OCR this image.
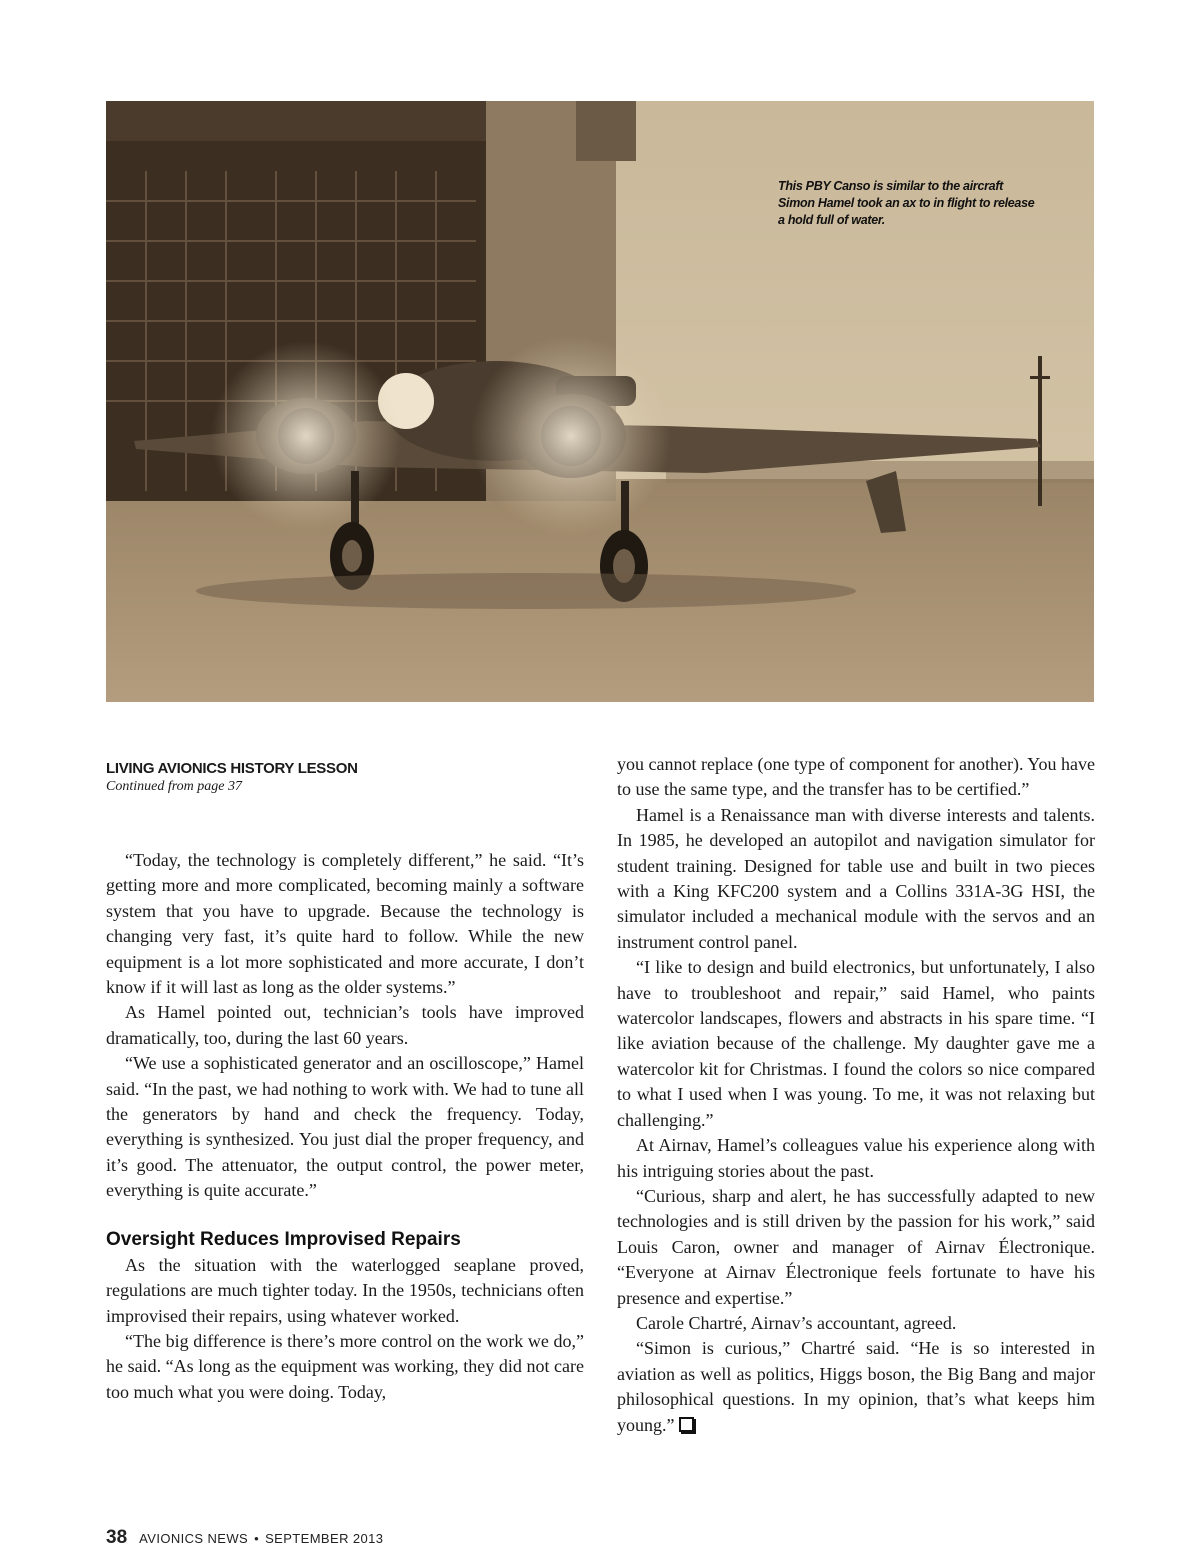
This PBY Canso is similar to the aircraft Simon Hamel took an ax to in flight to release a hold full of water.
LIVING AVIONICS HISTORY LESSON
Continued from page 37

“Today, the technology is completely different,” he said. “It’s getting more and more complicated, becoming mainly a software system that you have to upgrade. Because the technology is changing very fast, it’s quite hard to follow. While the new equipment is a lot more sophisticated and more accurate, I don’t know if it will last as long as the older systems.”

As Hamel pointed out, technician’s tools have improved dramatically, too, during the last 60 years.

“We use a sophisticated generator and an oscilloscope,” Hamel said. “In the past, we had nothing to work with. We had to tune all the generators by hand and check the frequency. Today, everything is synthesized. You just dial the proper frequency, and it’s good. The attenuator, the output control, the power meter, everything is quite accurate.”

Oversight Reduces Improvised Repairs

As the situation with the waterlogged seaplane proved, regulations are much tighter today. In the 1950s, technicians often improvised their repairs, using whatever worked.

“The big difference is there’s more control on the work we do,” he said. “As long as the equipment was working, they did not care too much what you were doing. Today,

you cannot replace (one type of component for another). You have to use the same type, and the transfer has to be certified.”

Hamel is a Renaissance man with diverse interests and talents. In 1985, he developed an autopilot and navigation simulator for student training. Designed for table use and built in two pieces with a King KFC200 system and a Collins 331A-3G HSI, the simulator included a mechanical module with the servos and an instrument control panel.

“I like to design and build electronics, but unfortunately, I also have to troubleshoot and repair,” said Hamel, who paints watercolor landscapes, flowers and abstracts in his spare time. “I like aviation because of the challenge. My daughter gave me a watercolor kit for Christmas. I found the colors so nice compared to what I used when I was young. To me, it was not relaxing but challenging.”

At Airnav, Hamel’s colleagues value his experience along with his intriguing stories about the past.

“Curious, sharp and alert, he has successfully adapted to new technologies and is still driven by the passion for his work,” said Louis Caron, owner and manager of Airnav Électronique. “Everyone at Airnav Électronique feels fortunate to have his presence and expertise.”

Carole Chartré, Airnav’s accountant, agreed.

“Simon is curious,” Chartré said. “He is so interested in aviation as well as politics, Higgs boson, the Big Bang and major philosophical questions. In my opinion, that’s what keeps him young.”

38 AVIONICS NEWS • SEPTEMBER 2013
